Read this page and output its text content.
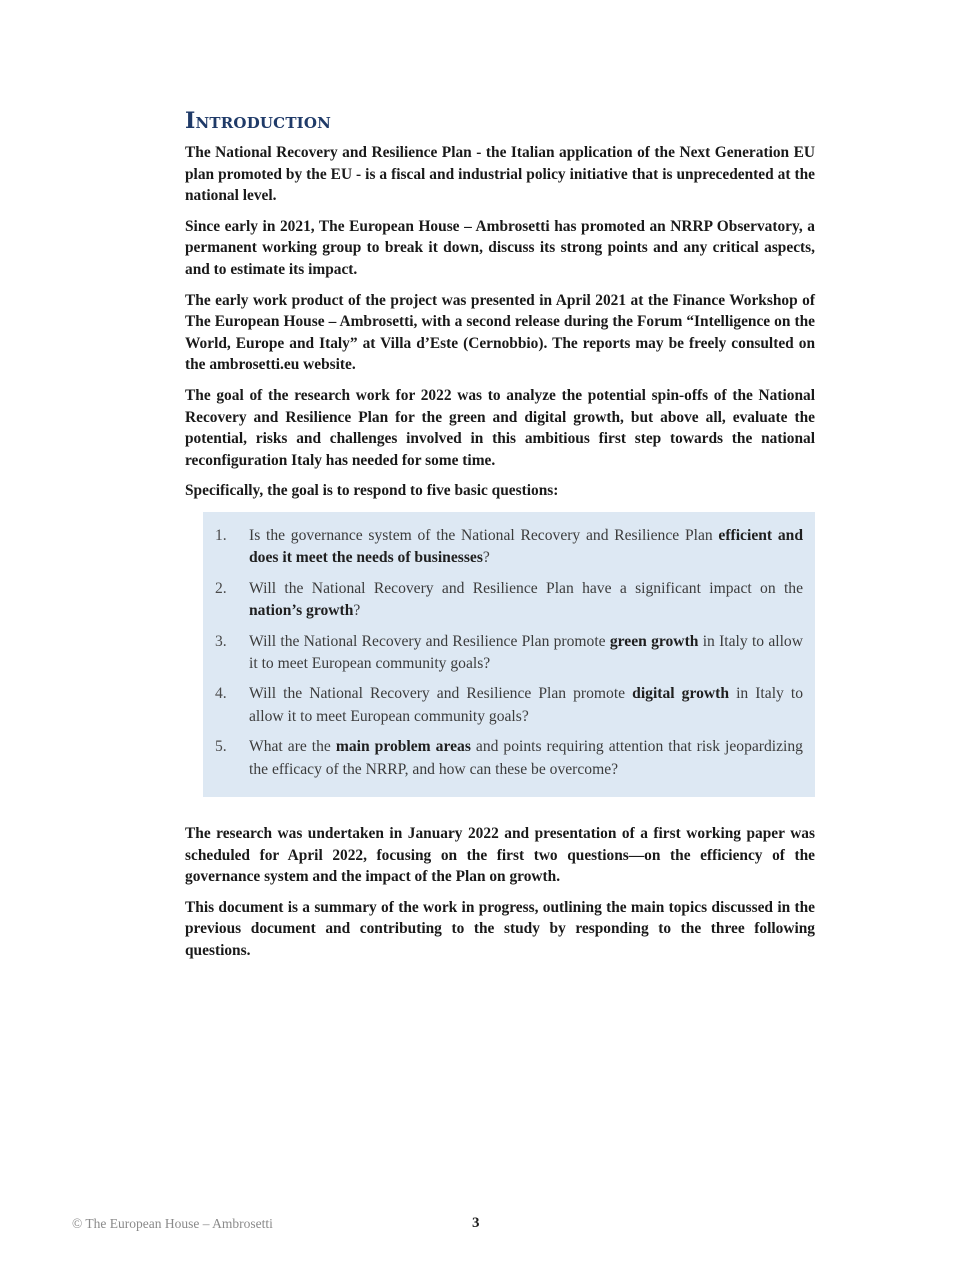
Introduction

The National Recovery and Resilience Plan - the Italian application of the Next Generation EU plan promoted by the EU - is a fiscal and industrial policy initiative that is unprecedented at the national level.

Since early in 2021, The European House – Ambrosetti has promoted an NRRP Observatory, a permanent working group to break it down, discuss its strong points and any critical aspects, and to estimate its impact.

The early work product of the project was presented in April 2021 at the Finance Workshop of The European House – Ambrosetti, with a second release during the Forum “Intelligence on the World, Europe and Italy” at Villa d’Este (Cernobbio). The reports may be freely consulted on the ambrosetti.eu website.

The goal of the research work for 2022 was to analyze the potential spin-offs of the National Recovery and Resilience Plan for the green and digital growth, but above all, evaluate the potential, risks and challenges involved in this ambitious first step towards the national reconfiguration Italy has needed for some time.

Specifically, the goal is to respond to five basic questions:

1.	Is the governance system of the National Recovery and Resilience Plan efficient and does it meet the needs of businesses?
2.	Will the National Recovery and Resilience Plan have a significant impact on the nation’s growth?
3.	Will the National Recovery and Resilience Plan promote green growth in Italy to allow it to meet European community goals?
4.	Will the National Recovery and Resilience Plan promote digital growth in Italy to allow it to meet European community goals?
5.	What are the main problem areas and points requiring attention that risk jeopardizing the efficacy of the NRRP, and how can these be overcome?

The research was undertaken in January 2022 and presentation of a first working paper was scheduled for April 2022, focusing on the first two questions—on the efficiency of the governance system and the impact of the Plan on growth.

This document is a summary of the work in progress, outlining the main topics discussed in the previous document and contributing to the study by responding to the three following questions.

© The European House – Ambrosetti	3
